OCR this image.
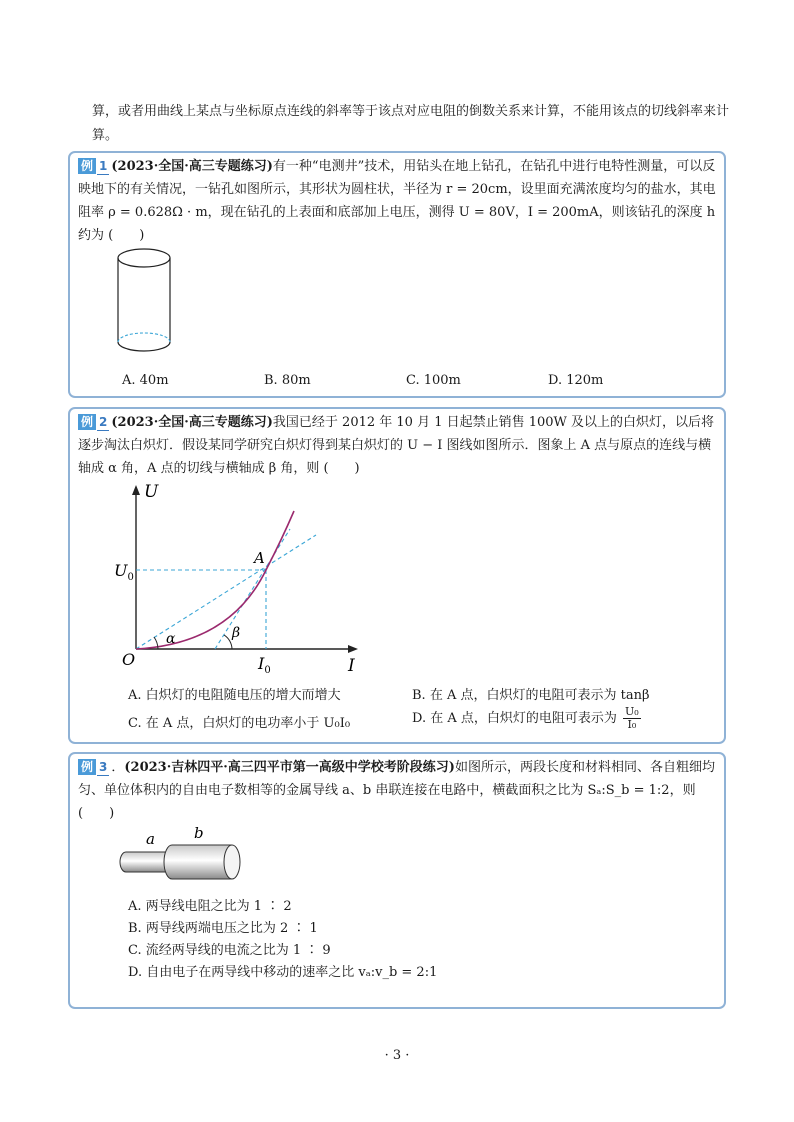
算，或者用曲线上某点与坐标原点连线的斜率等于该点对应电阻的倒数关系来计算，不能用该点的切线斜率来计算。
例 1 (2023·全国·高三专题练习)有一种“电测井”技术，用钻头在地上钻孔，在钻孔中进行电特性测量，可以反映地下的有关情况，一钻孔如图所示，其形状为圆柱状，半径为 r = 20cm，设里面充满浓度均匀的盐水，其电阻率 ρ = 0.628Ω · m，现在钻孔的上表面和底部加上电压，测得 U = 80V，I = 200mA，则该钻孔的深度 h 约为 (　　)
A. 40m	B. 80m	C. 100m	D. 120m
例 2 (2023·全国·高三专题练习)我国已经于 2012 年 10 月 1 日起禁止销售 100W 及以上的白炽灯，以后将逐步淘汰白炽灯．假设某同学研究白炽灯得到某白炽灯的 U − I 图线如图所示．图象上 A 点与原点的连线与横轴成 α 角，A 点的切线与横轴成 β 角，则 (　　)
U
I
O
A
α	β
$U_0$
$I_0$
A. 白炽灯的电阻随电压的增大而增大	B. 在 A 点，白炽灯的电阻可表示为 tanβ
C. 在 A 点，白炽灯的电功率小于 U₀I₀	D. 在 A 点，白炽灯的电阻可表示为 $\frac{\text{U₀}}{\text{I₀}}$
例 3 ．(2023·吉林四平·高三四平市第一高级中学校考阶段练习)如图所示，两段长度和材料相同、各自粗细均匀、单位体积内的自由电子数相等的金属导线 a、b 串联连接在电路中，横截面积之比为 Sₐ:S_b = 1:2，则 (　　)
a	b
A. 两导线电阻之比为 1 ∶ 2
B. 两导线两端电压之比为 2 ∶ 1
C. 流经两导线的电流之比为 1 ∶ 9
D. 自由电子在两导线中移动的速率之比 vₐ:v_b = 2:1
· 3 ·
